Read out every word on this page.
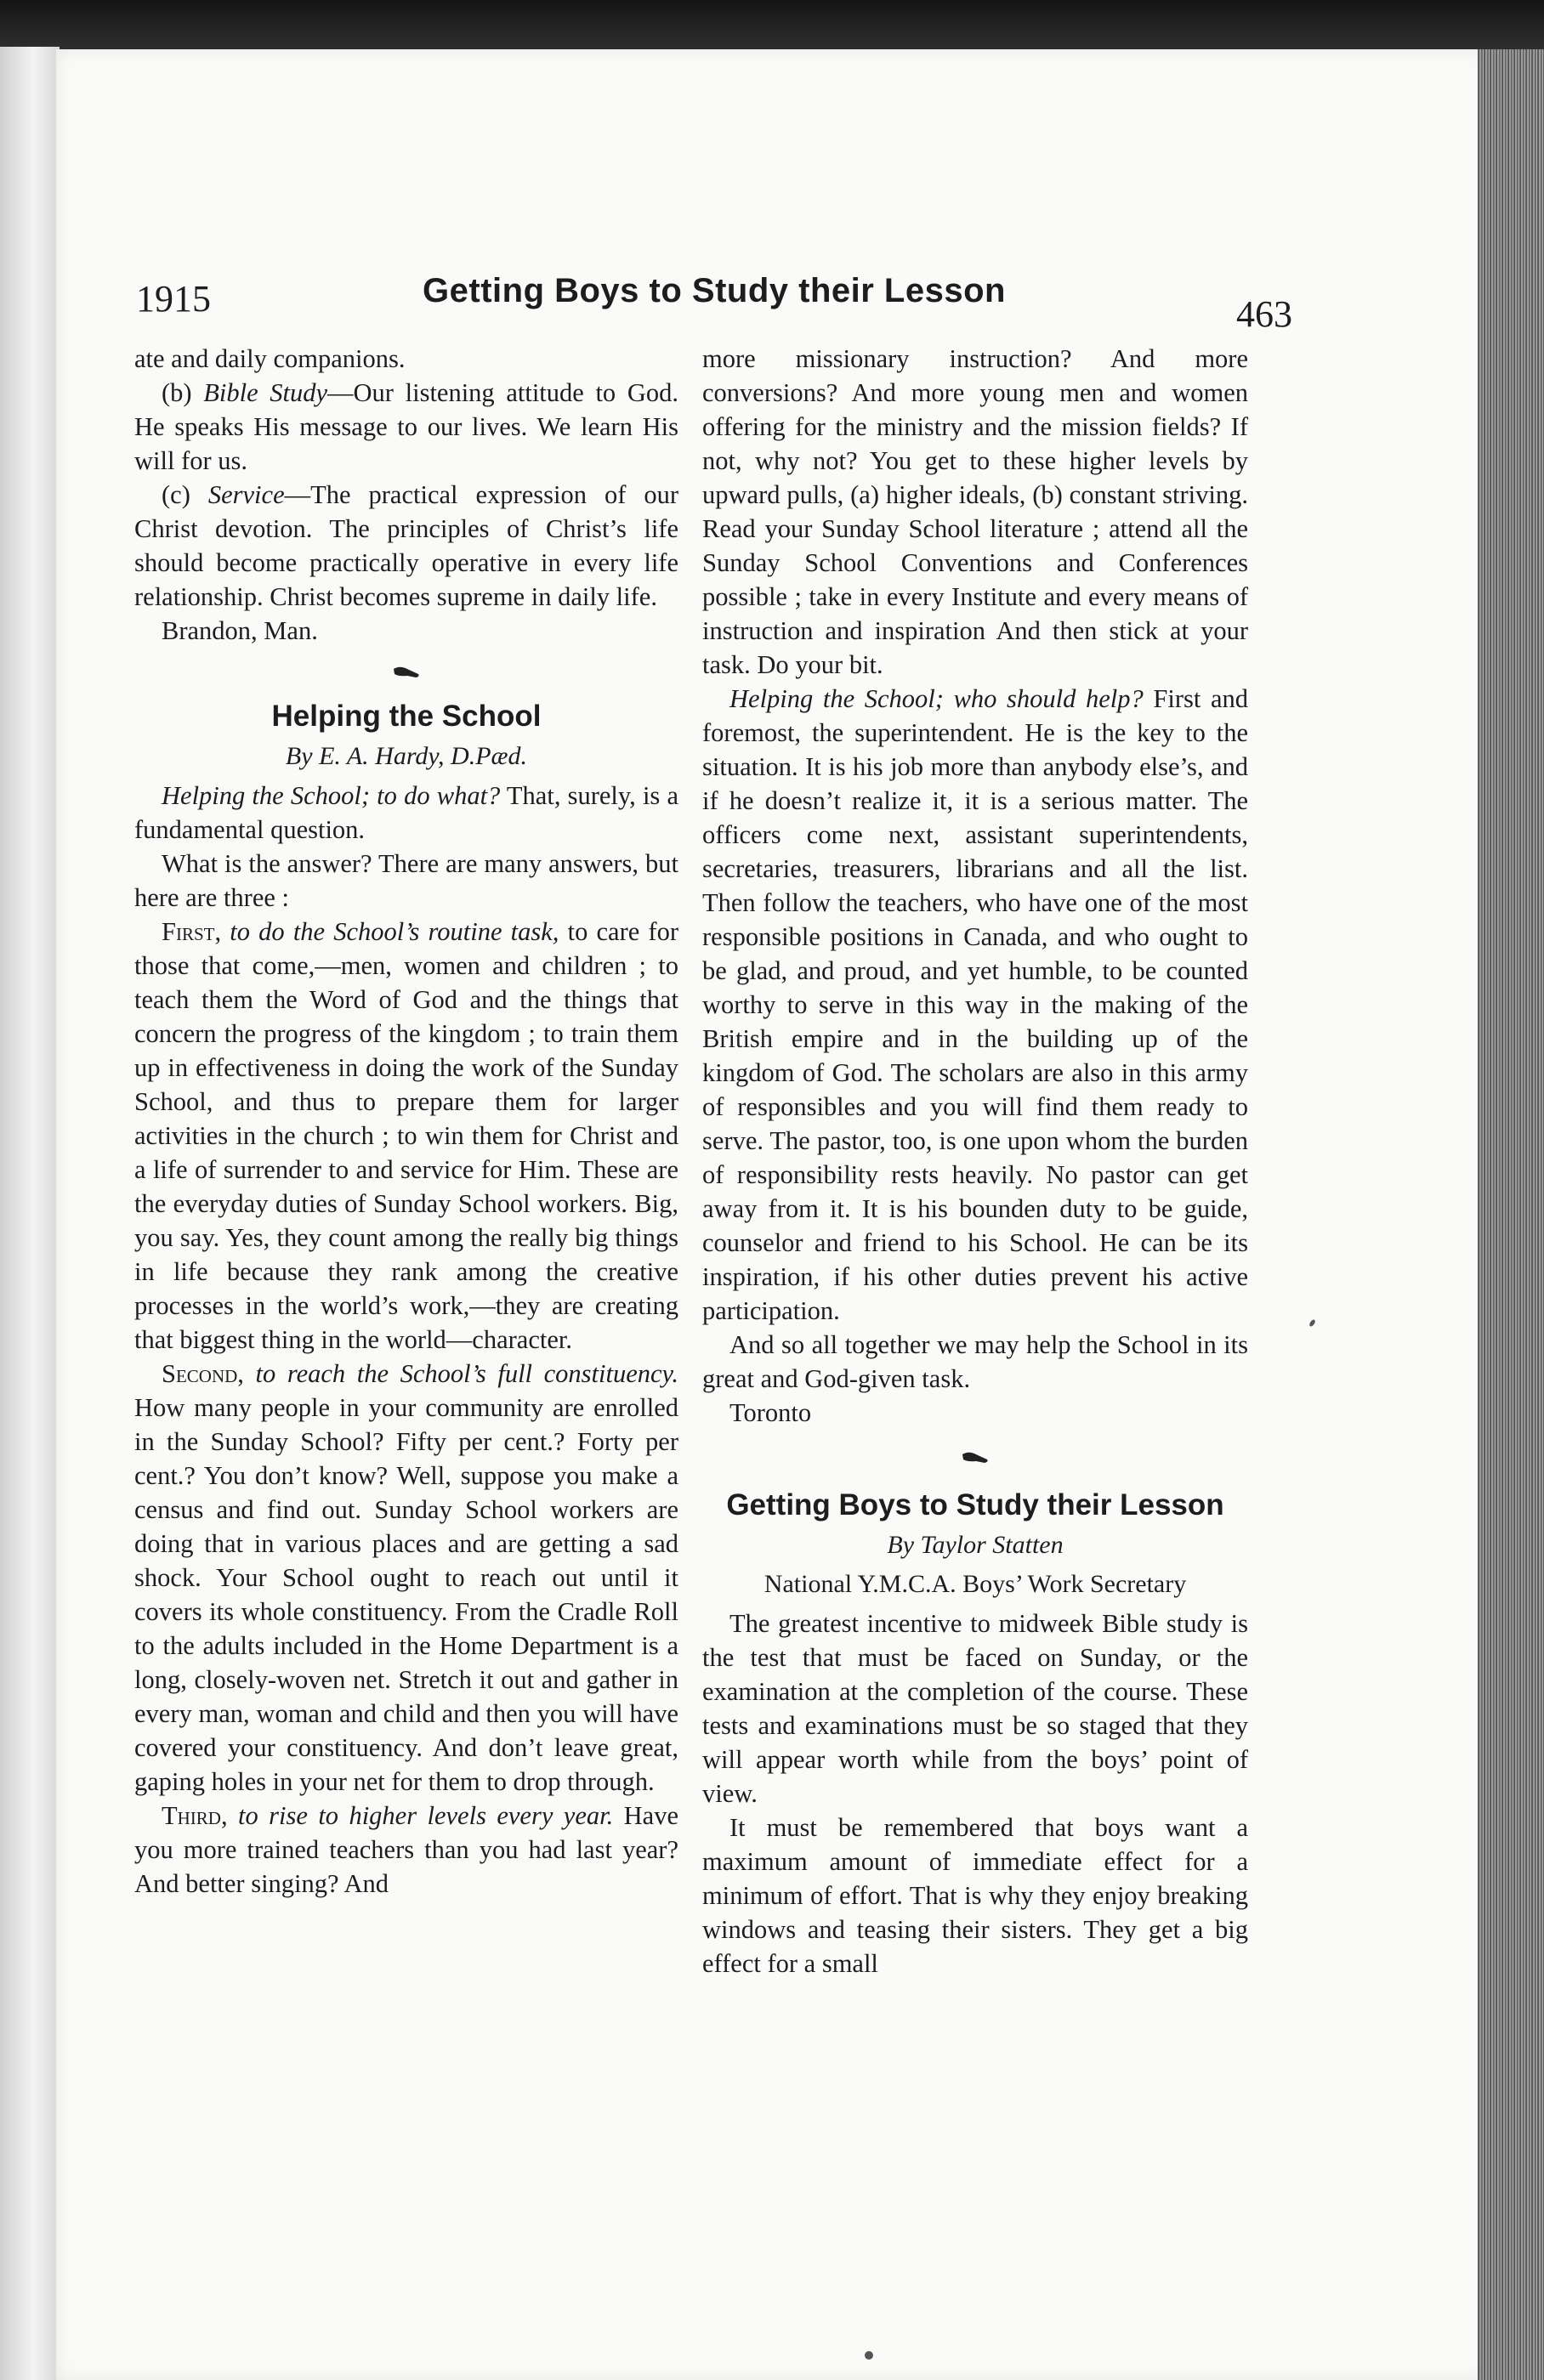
1915	Getting Boys to Study their Lesson
463

ate and daily companions.

(b) Bible Study—Our listening attitude to God. He speaks His message to our lives. We learn His will for us.

(c) Service—The practical expression of our Christ devotion. The principles of Christ’s life should become practically operative in every life relationship. Christ becomes supreme in daily life.

Brandon, Man.

Helping the School
By E. A. Hardy, D.Pæd.

Helping the School; to do what? That, surely, is a fundamental question.

What is the answer? There are many answers, but here are three :

First, to do the School’s routine task, to care for those that come,—men, women and children ; to teach them the Word of God and the things that concern the progress of the kingdom ; to train them up in effectiveness in doing the work of the Sunday School, and thus to prepare them for larger activities in the church ; to win them for Christ and a life of surrender to and service for Him. These are the everyday duties of Sunday School workers. Big, you say. Yes, they count among the really big things in life because they rank among the creative processes in the world’s work,—they are creating that biggest thing in the world—character.

Second, to reach the School’s full constituency. How many people in your community are enrolled in the Sunday School? Fifty per cent.? Forty per cent.? You don’t know? Well, suppose you make a census and find out. Sunday School workers are doing that in various places and are getting a sad shock. Your School ought to reach out until it covers its whole constituency. From the Cradle Roll to the adults included in the Home Department is a long, closely-woven net. Stretch it out and gather in every man, woman and child and then you will have covered your constituency. And don’t leave great, gaping holes in your net for them to drop through.

Third, to rise to higher levels every year. Have you more trained teachers than you had last year? And better singing? And

more missionary instruction? And more conversions? And more young men and women offering for the ministry and the mission fields? If not, why not? You get to these higher levels by upward pulls, (a) higher ideals, (b) constant striving. Read your Sunday School literature ; attend all the Sunday School Conventions and Conferences possible ; take in every Institute and every means of instruction and inspiration And then stick at your task. Do your bit.

Helping the School; who should help? First and foremost, the superintendent. He is the key to the situation. It is his job more than anybody else’s, and if he doesn’t realize it, it is a serious matter. The officers come next, assistant superintendents, secretaries, treasurers, librarians and all the list. Then follow the teachers, who have one of the most responsible positions in Canada, and who ought to be glad, and proud, and yet humble, to be counted worthy to serve in this way in the making of the British empire and in the building up of the kingdom of God. The scholars are also in this army of responsibles and you will find them ready to serve. The pastor, too, is one upon whom the burden of responsibility rests heavily. No pastor can get away from it. It is his bounden duty to be guide, counselor and friend to his School. He can be its inspiration, if his other duties prevent his active participation.

And so all together we may help the School in its great and God-given task.

Toronto

Getting Boys to Study their Lesson
By Taylor Statten
National Y.M.C.A. Boys’ Work Secretary

The greatest incentive to midweek Bible study is the test that must be faced on Sunday, or the examination at the completion of the course. These tests and examinations must be so staged that they will appear worth while from the boys’ point of view.

It must be remembered that boys want a maximum amount of immediate effect for a minimum of effort. That is why they enjoy breaking windows and teasing their sisters. They get a big effect for a small
